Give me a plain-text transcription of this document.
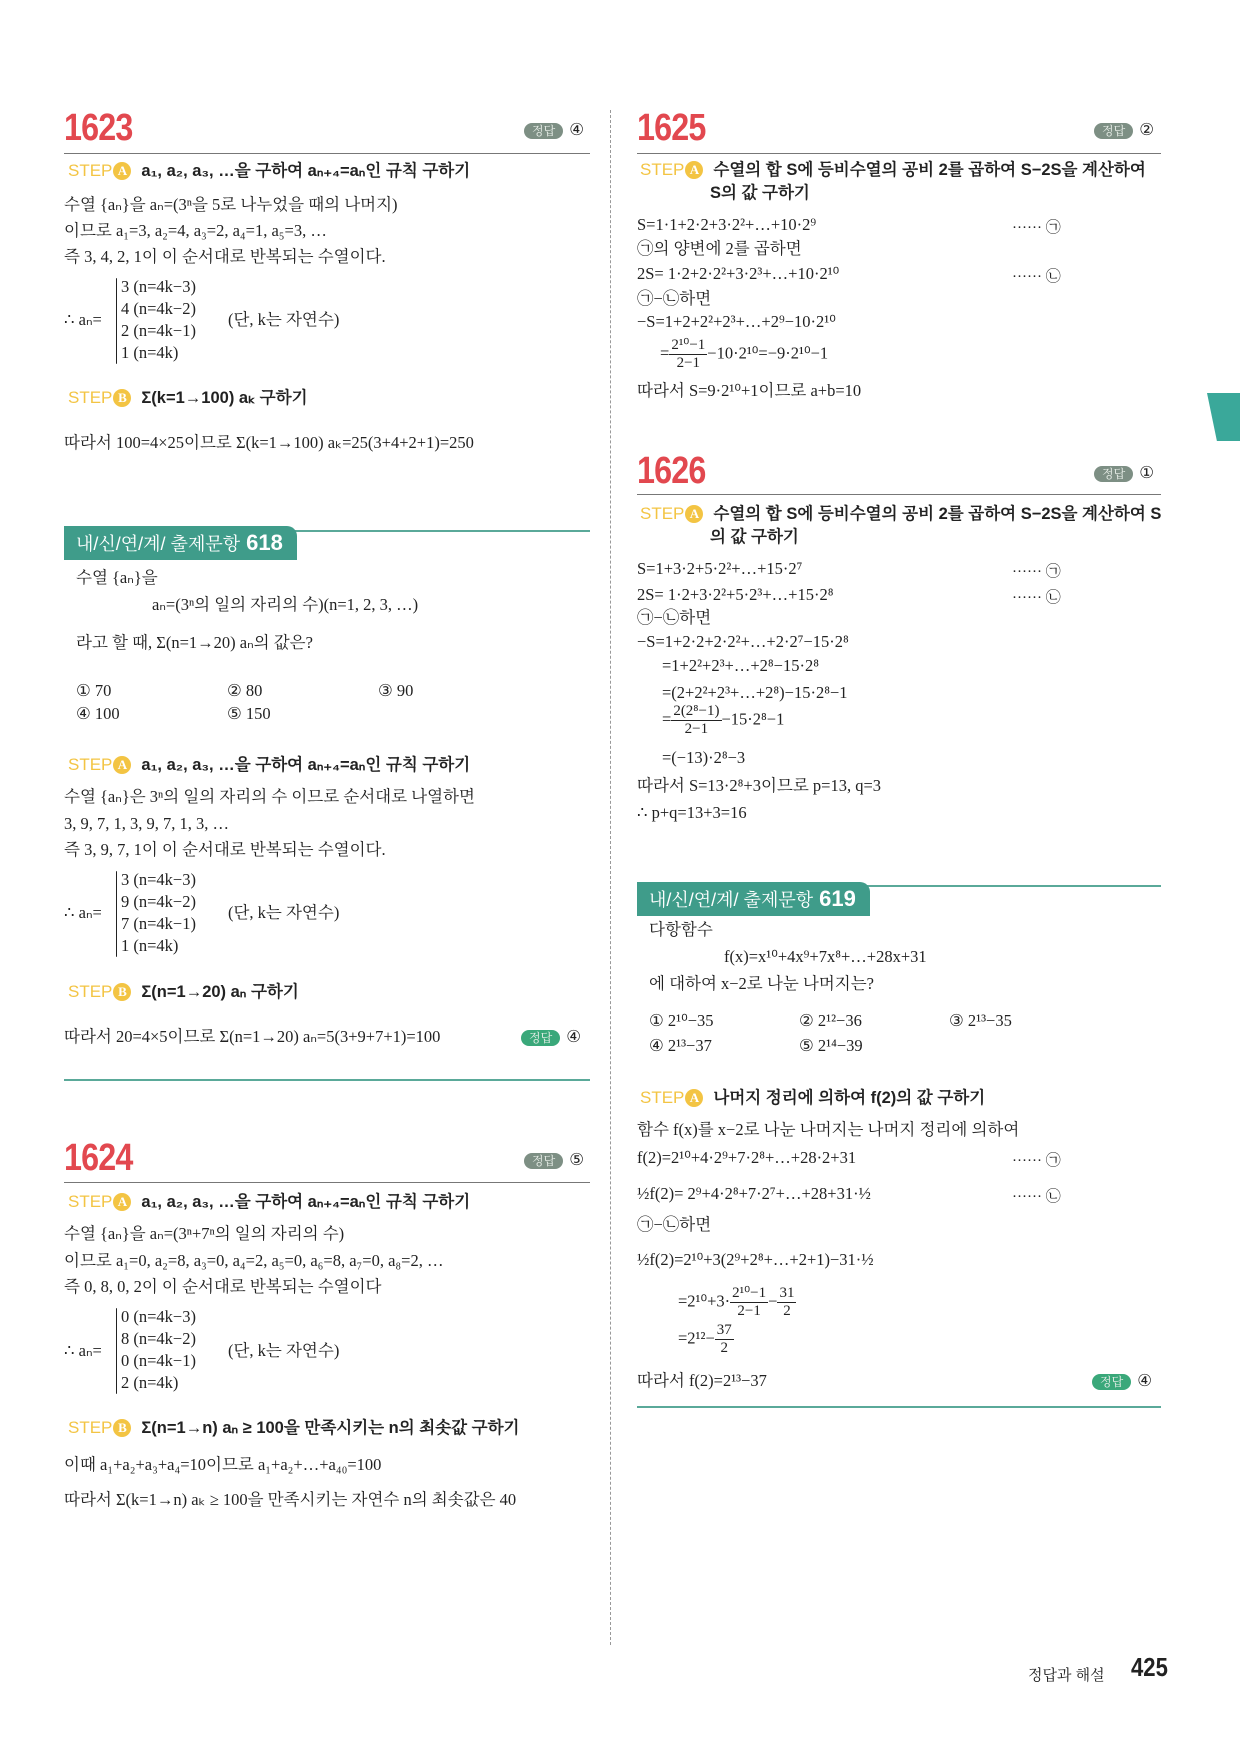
1623	정답 ④
STEP A a₁, a₂, a₃, …을 구하여 aₙ₊₄=aₙ인 규칙 구하기
수열 {aₙ}을 aₙ=(3ⁿ을 5로 나누었을 때의 나머지)
이므로 a₁=3, a₂=4, a₃=2, a₄=1, a₅=3, …
즉 3, 4, 2, 1이 이 순서대로 반복되는 수열이다.
∴ aₙ=
3 (n=4k−3)
4 (n=4k−2)
2 (n=4k−1)
1 (n=4k)
(단, k는 자연수)
STEP B Σ(k=1→100) aₖ 구하기
따라서 100=4×25이므로 Σ(k=1→100) aₖ=25(3+4+2+1)=250
내/신/연/계/ 출제문항 618
수열 {aₙ}을
aₙ=(3ⁿ의 일의 자리의 수)(n=1, 2, 3, …)
라고 할 때, Σ(n=1→20) aₙ의 값은?
① 70	② 80	③ 90
④ 100	⑤ 150
STEP A a₁, a₂, a₃, …을 구하여 aₙ₊₄=aₙ인 규칙 구하기
수열 {aₙ}은 3ⁿ의 일의 자리의 수 이므로 순서대로 나열하면
3, 9, 7, 1, 3, 9, 7, 1, 3, …
즉 3, 9, 7, 1이 이 순서대로 반복되는 수열이다.
∴ aₙ=
3 (n=4k−3)
9 (n=4k−2)
7 (n=4k−1)
1 (n=4k)
(단, k는 자연수)
STEP B Σ(n=1→20) aₙ 구하기
따라서 20=4×5이므로 Σ(n=1→20) aₙ=5(3+9+7+1)=100	정답 ④
1624	정답 ⑤
STEP A a₁, a₂, a₃, …을 구하여 aₙ₊₄=aₙ인 규칙 구하기
수열 {aₙ}을 aₙ=(3ⁿ+7ⁿ의 일의 자리의 수)
이므로 a₁=0, a₂=8, a₃=0, a₄=2, a₅=0, a₆=8, a₇=0, a₈=2, …
즉 0, 8, 0, 2이 이 순서대로 반복되는 수열이다
∴ aₙ=
0 (n=4k−3)
8 (n=4k−2)
0 (n=4k−1)
2 (n=4k)
(단, k는 자연수)
STEP B Σ(n=1→n) aₙ ≥ 100을 만족시키는 n의 최솟값 구하기
이때 a₁+a₂+a₃+a₄=10이므로 a₁+a₂+…+a₄₀=100
따라서 Σ(k=1→n) aₖ ≥ 100을 만족시키는 자연수 n의 최솟값은 40
1625	정답 ②
STEP A 수열의 합 S에 등비수열의 공비 2를 곱하여 S−2S을 계산하여
S의 값 구하기
S=1·1+2·2+3·2²+…+10·2⁹	······ ㉠
㉠의 양변에 2를 곱하면
2S= 1·2+2·2²+3·2³+…+10·2¹⁰	······ ㉡
㉠−㉡하면
−S=1+2+2²+2³+…+2⁹−10·2¹⁰
= $\frac{\text{2¹⁰−1}}{2-1} -10\cdot 2^{10}=-9\cdot 2^{10}-1$
따라서 S=9·2¹⁰+1이므로 a+b=10
1626	정답 ①
STEP A 수열의 합 S에 등비수열의 공비 2를 곱하여 S−2S을 계산하여 S
의 값 구하기
S=1+3·2+5·2²+…+15·2⁷	······ ㉠
2S= 1·2+3·2²+5·2³+…+15·2⁸	······ ㉡
㉠−㉡하면
−S=1+2·2+2·2²+…+2·2⁷−15·2⁸
=1+2²+2³+…+2⁸−15·2⁸
=(2+2²+2³+…+2⁸)−15·2⁸−1
= $\frac{\text{2(2⁸−1)}}{2-1} -15\cdot 2^8-1$
=(−13)·2⁸−3
따라서 S=13·2⁸+3이므로 p=13, q=3
∴ p+q=13+3=16
내/신/연/계/ 출제문항 619
다항함수
f(x)=x¹⁰+4x⁹+7x⁸+…+28x+31
에 대하여 x−2로 나눈 나머지는?
① 2¹⁰−35	② 2¹²−36	③ 2¹³−35
④ 2¹³−37	⑤ 2¹⁴−39
STEP A 나머지 정리에 의하여 f(2)의 값 구하기
함수 f(x)를 x−2로 나눈 나머지는 나머지 정리에 의하여
f(2)=2¹⁰+4·2⁹+7·2⁸+…+28·2+31	······ ㉠
½f(2)= 2⁹+4·2⁸+7·2⁷+…+28+31·½	······ ㉡
㉠−㉡하면
½f(2)=2¹⁰+3(2⁹+2⁸+…+2+1)−31·½
$=2^{10}+3\cdot \frac{\text{2¹⁰−1}}{2-1} - \frac{31}{2}$
$=2^{12}- \frac{37}{2}$
따라서 f(2)=2¹³−37	정답 ④
정답과 해설 425
